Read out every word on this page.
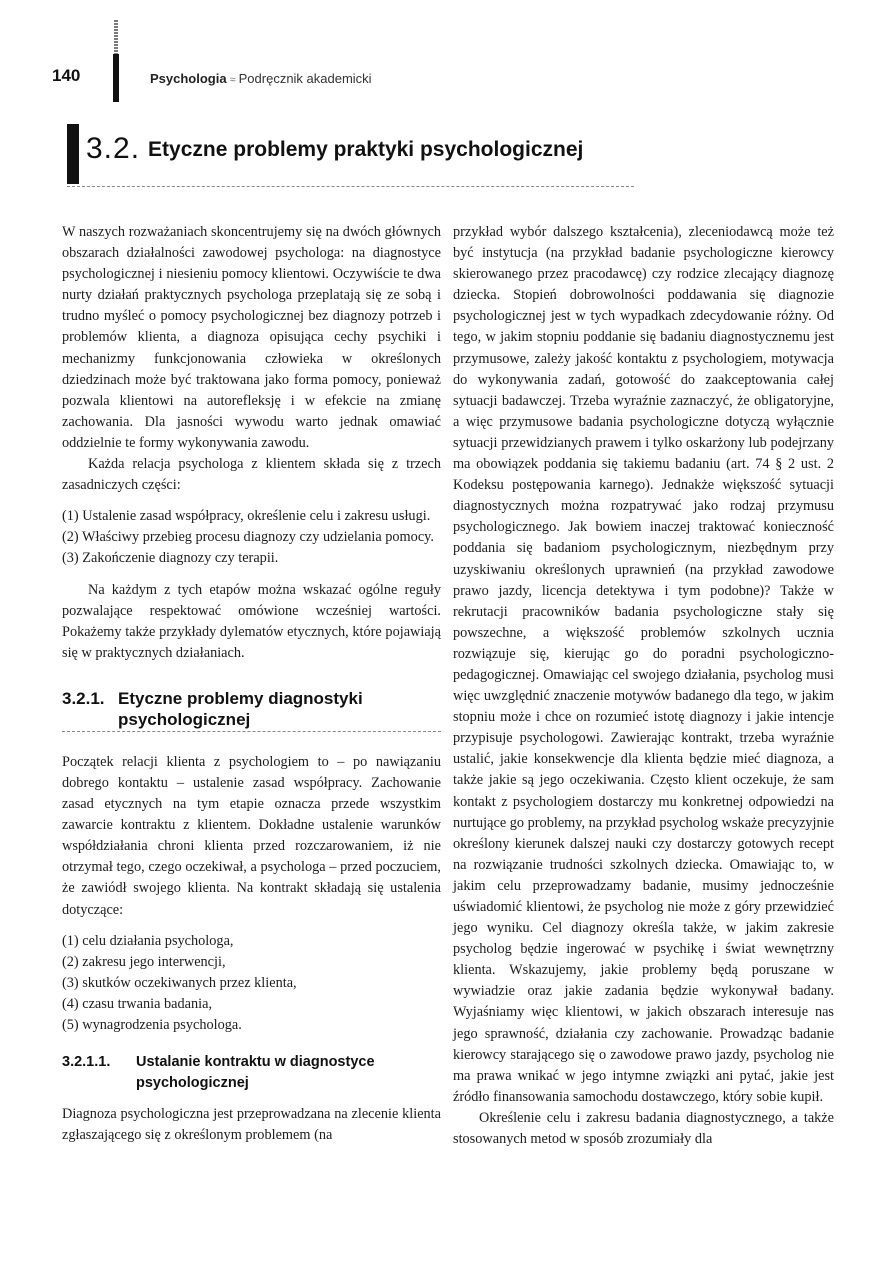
140	Psychologia ≈ Podręcznik akademicki
3.2. Etyczne problemy praktyki psychologicznej

W naszych rozważaniach skoncentrujemy się na dwóch głównych obszarach działalności zawodowej psychologa: na diagnostyce psychologicznej i niesieniu pomocy klientowi. Oczywiście te dwa nurty działań praktycznych psychologa przeplatają się ze sobą i trudno myśleć o pomocy psychologicznej bez diagnozy potrzeb i problemów klienta, a diagnoza opisująca cechy psychiki i mechanizmy funkcjonowania człowieka w określonych dziedzinach może być traktowana jako forma pomocy, ponieważ pozwala klientowi na autorefleksję i w efekcie na zmianę zachowania. Dla jasności wywodu warto jednak omawiać oddzielnie te formy wykonywania zawodu.

Każda relacja psychologa z klientem składa się z trzech zasadniczych części:

(1) Ustalenie zasad współpracy, określenie celu i zakresu usługi.
(2) Właściwy przebieg procesu diagnozy czy udzielania pomocy.
(3) Zakończenie diagnozy czy terapii.

Na każdym z tych etapów można wskazać ogólne reguły pozwalające respektować omówione wcześniej wartości. Pokażemy także przykłady dylematów etycznych, które pojawiają się w praktycznych działaniach.

3.2.1. Etyczne problemy diagnostyki
psychologicznej

Początek relacji klienta z psychologiem to – po nawiązaniu dobrego kontaktu – ustalenie zasad współpracy. Zachowanie zasad etycznych na tym etapie oznacza przede wszystkim zawarcie kontraktu z klientem. Dokładne ustalenie warunków współdziałania chroni klienta przed rozczarowaniem, iż nie otrzymał tego, czego oczekiwał, a psychologa – przed poczuciem, że zawiódł swojego klienta. Na kontrakt składają się ustalenia dotyczące:

(1) celu działania psychologa,
(2) zakresu jego interwencji,
(3) skutków oczekiwanych przez klienta,
(4) czasu trwania badania,
(5) wynagrodzenia psychologa.
3.2.1.1. Ustalanie kontraktu w diagnostyce
psychologicznej

Diagnoza psychologiczna jest przeprowadzana na zlecenie klienta zgłaszającego się z określonym problemem (na

przykład wybór dalszego kształcenia), zleceniodawcą może też być instytucja (na przykład badanie psychologiczne kierowcy skierowanego przez pracodawcę) czy rodzice zlecający diagnozę dziecka. Stopień dobrowolności poddawania się diagnozie psychologicznej jest w tych wypadkach zdecydowanie różny. Od tego, w jakim stopniu poddanie się badaniu diagnostycznemu jest przymusowe, zależy jakość kontaktu z psychologiem, motywacja do wykonywania zadań, gotowość do zaakceptowania całej sytuacji badawczej. Trzeba wyraźnie zaznaczyć, że obligatoryjne, a więc przymusowe badania psychologiczne dotyczą wyłącznie sytuacji przewidzianych prawem i tylko oskarżony lub podejrzany ma obowiązek poddania się takiemu badaniu (art. 74 § 2 ust. 2 Kodeksu postępowania karnego). Jednakże większość sytuacji diagnostycznych można rozpatrywać jako rodzaj przymusu psychologicznego. Jak bowiem inaczej traktować konieczność poddania się badaniom psychologicznym, niezbędnym przy uzyskiwaniu określonych uprawnień (na przykład zawodowe prawo jazdy, licencja detektywa i tym podobne)? Także w rekrutacji pracowników badania psychologiczne stały się powszechne, a większość problemów szkolnych ucznia rozwiązuje się, kierując go do poradni psychologiczno-pedagogicznej. Omawiając cel swojego działania, psycholog musi więc uwzględnić znaczenie motywów badanego dla tego, w jakim stopniu może i chce on rozumieć istotę diagnozy i jakie intencje przypisuje psychologowi. Zawierając kontrakt, trzeba wyraźnie ustalić, jakie konsekwencje dla klienta będzie mieć diagnoza, a także jakie są jego oczekiwania. Często klient oczekuje, że sam kontakt z psychologiem dostarczy mu konkretnej odpowiedzi na nurtujące go problemy, na przykład psycholog wskaże precyzyjnie określony kierunek dalszej nauki czy dostarczy gotowych recept na rozwiązanie trudności szkolnych dziecka. Omawiając to, w jakim celu przeprowadzamy badanie, musimy jednocześnie uświadomić klientowi, że psycholog nie może z góry przewidzieć jego wyniku. Cel diagnozy określa także, w jakim zakresie psycholog będzie ingerować w psychikę i świat wewnętrzny klienta. Wskazujemy, jakie problemy będą poruszane w wywiadzie oraz jakie zadania będzie wykonywał badany. Wyjaśniamy więc klientowi, w jakich obszarach interesuje nas jego sprawność, działania czy zachowanie. Prowadząc badanie kierowcy starającego się o zawodowe prawo jazdy, psycholog nie ma prawa wnikać w jego intymne związki ani pytać, jakie jest źródło finansowania samochodu dostawczego, który sobie kupił.

Określenie celu i zakresu badania diagnostycznego, a także stosowanych metod w sposób zrozumiały dla
